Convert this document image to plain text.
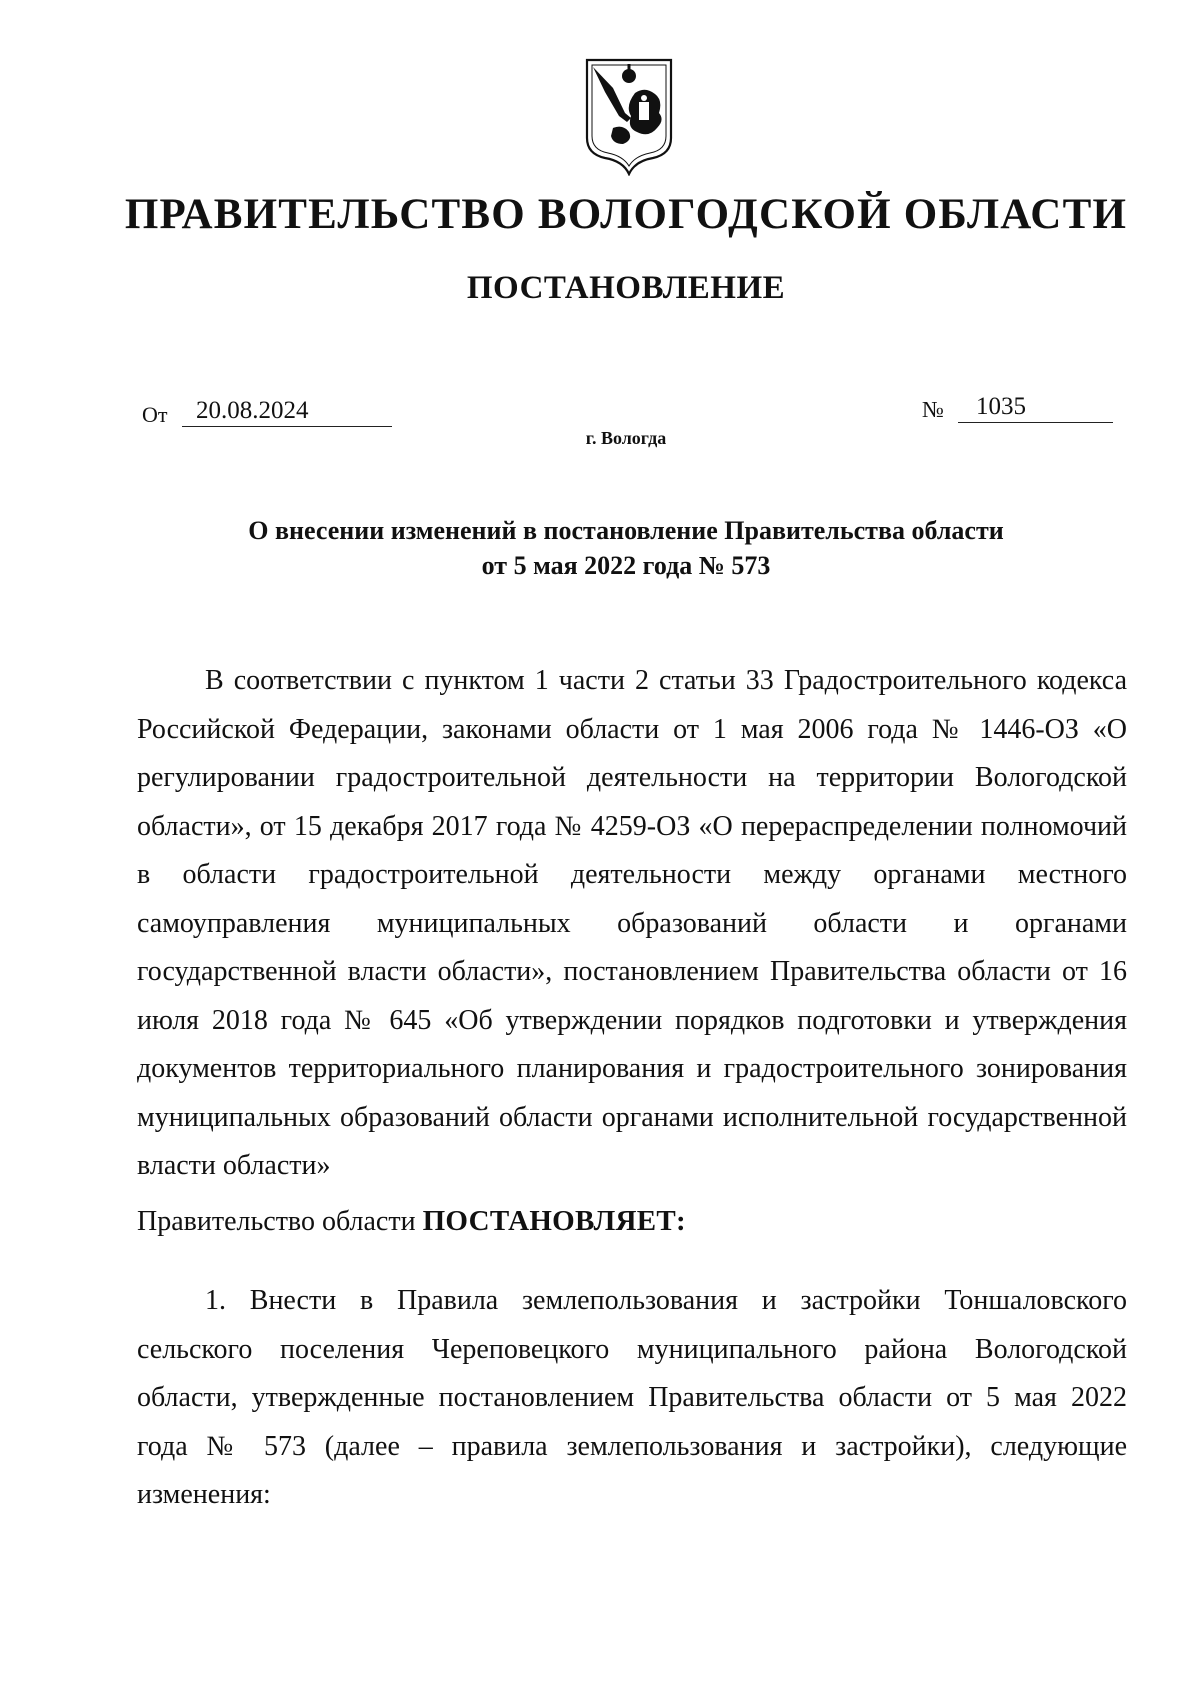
ПРАВИТЕЛЬСТВО ВОЛОГОДСКОЙ ОБЛАСТИ
ПОСТАНОВЛЕНИЕ
От	20.08.2024	№	1035
г. Вологда
О внесении изменений в постановление Правительства области
от 5 мая 2022 года № 573

В соответствии с пунктом 1 части 2 статьи 33 Градостроительного кодекса Российской Федерации, законами области от 1 мая 2006 года № 1446-ОЗ «О регулировании градостроительной деятельности на территории Вологодской области», от 15 декабря 2017 года № 4259-ОЗ «О перераспределении полномочий в области градостроительной деятельности между органами местного самоуправления муниципальных образований области и органами государственной власти области», постановлением Правительства области от 16 июля 2018 года № 645 «Об утверждении порядков подготовки и утверждения документов территориального планирования и градостроительного зонирования муниципальных образований области органами исполнительной государственной власти области»

Правительство области ПОСТАНОВЛЯЕТ:

1. Внести в Правила землепользования и застройки Тоншаловского сельского поселения Череповецкого муниципального района Вологодской области, утвержденные постановлением Правительства области от 5 мая 2022 года № 573 (далее – правила землепользования и застройки), следующие изменения:
